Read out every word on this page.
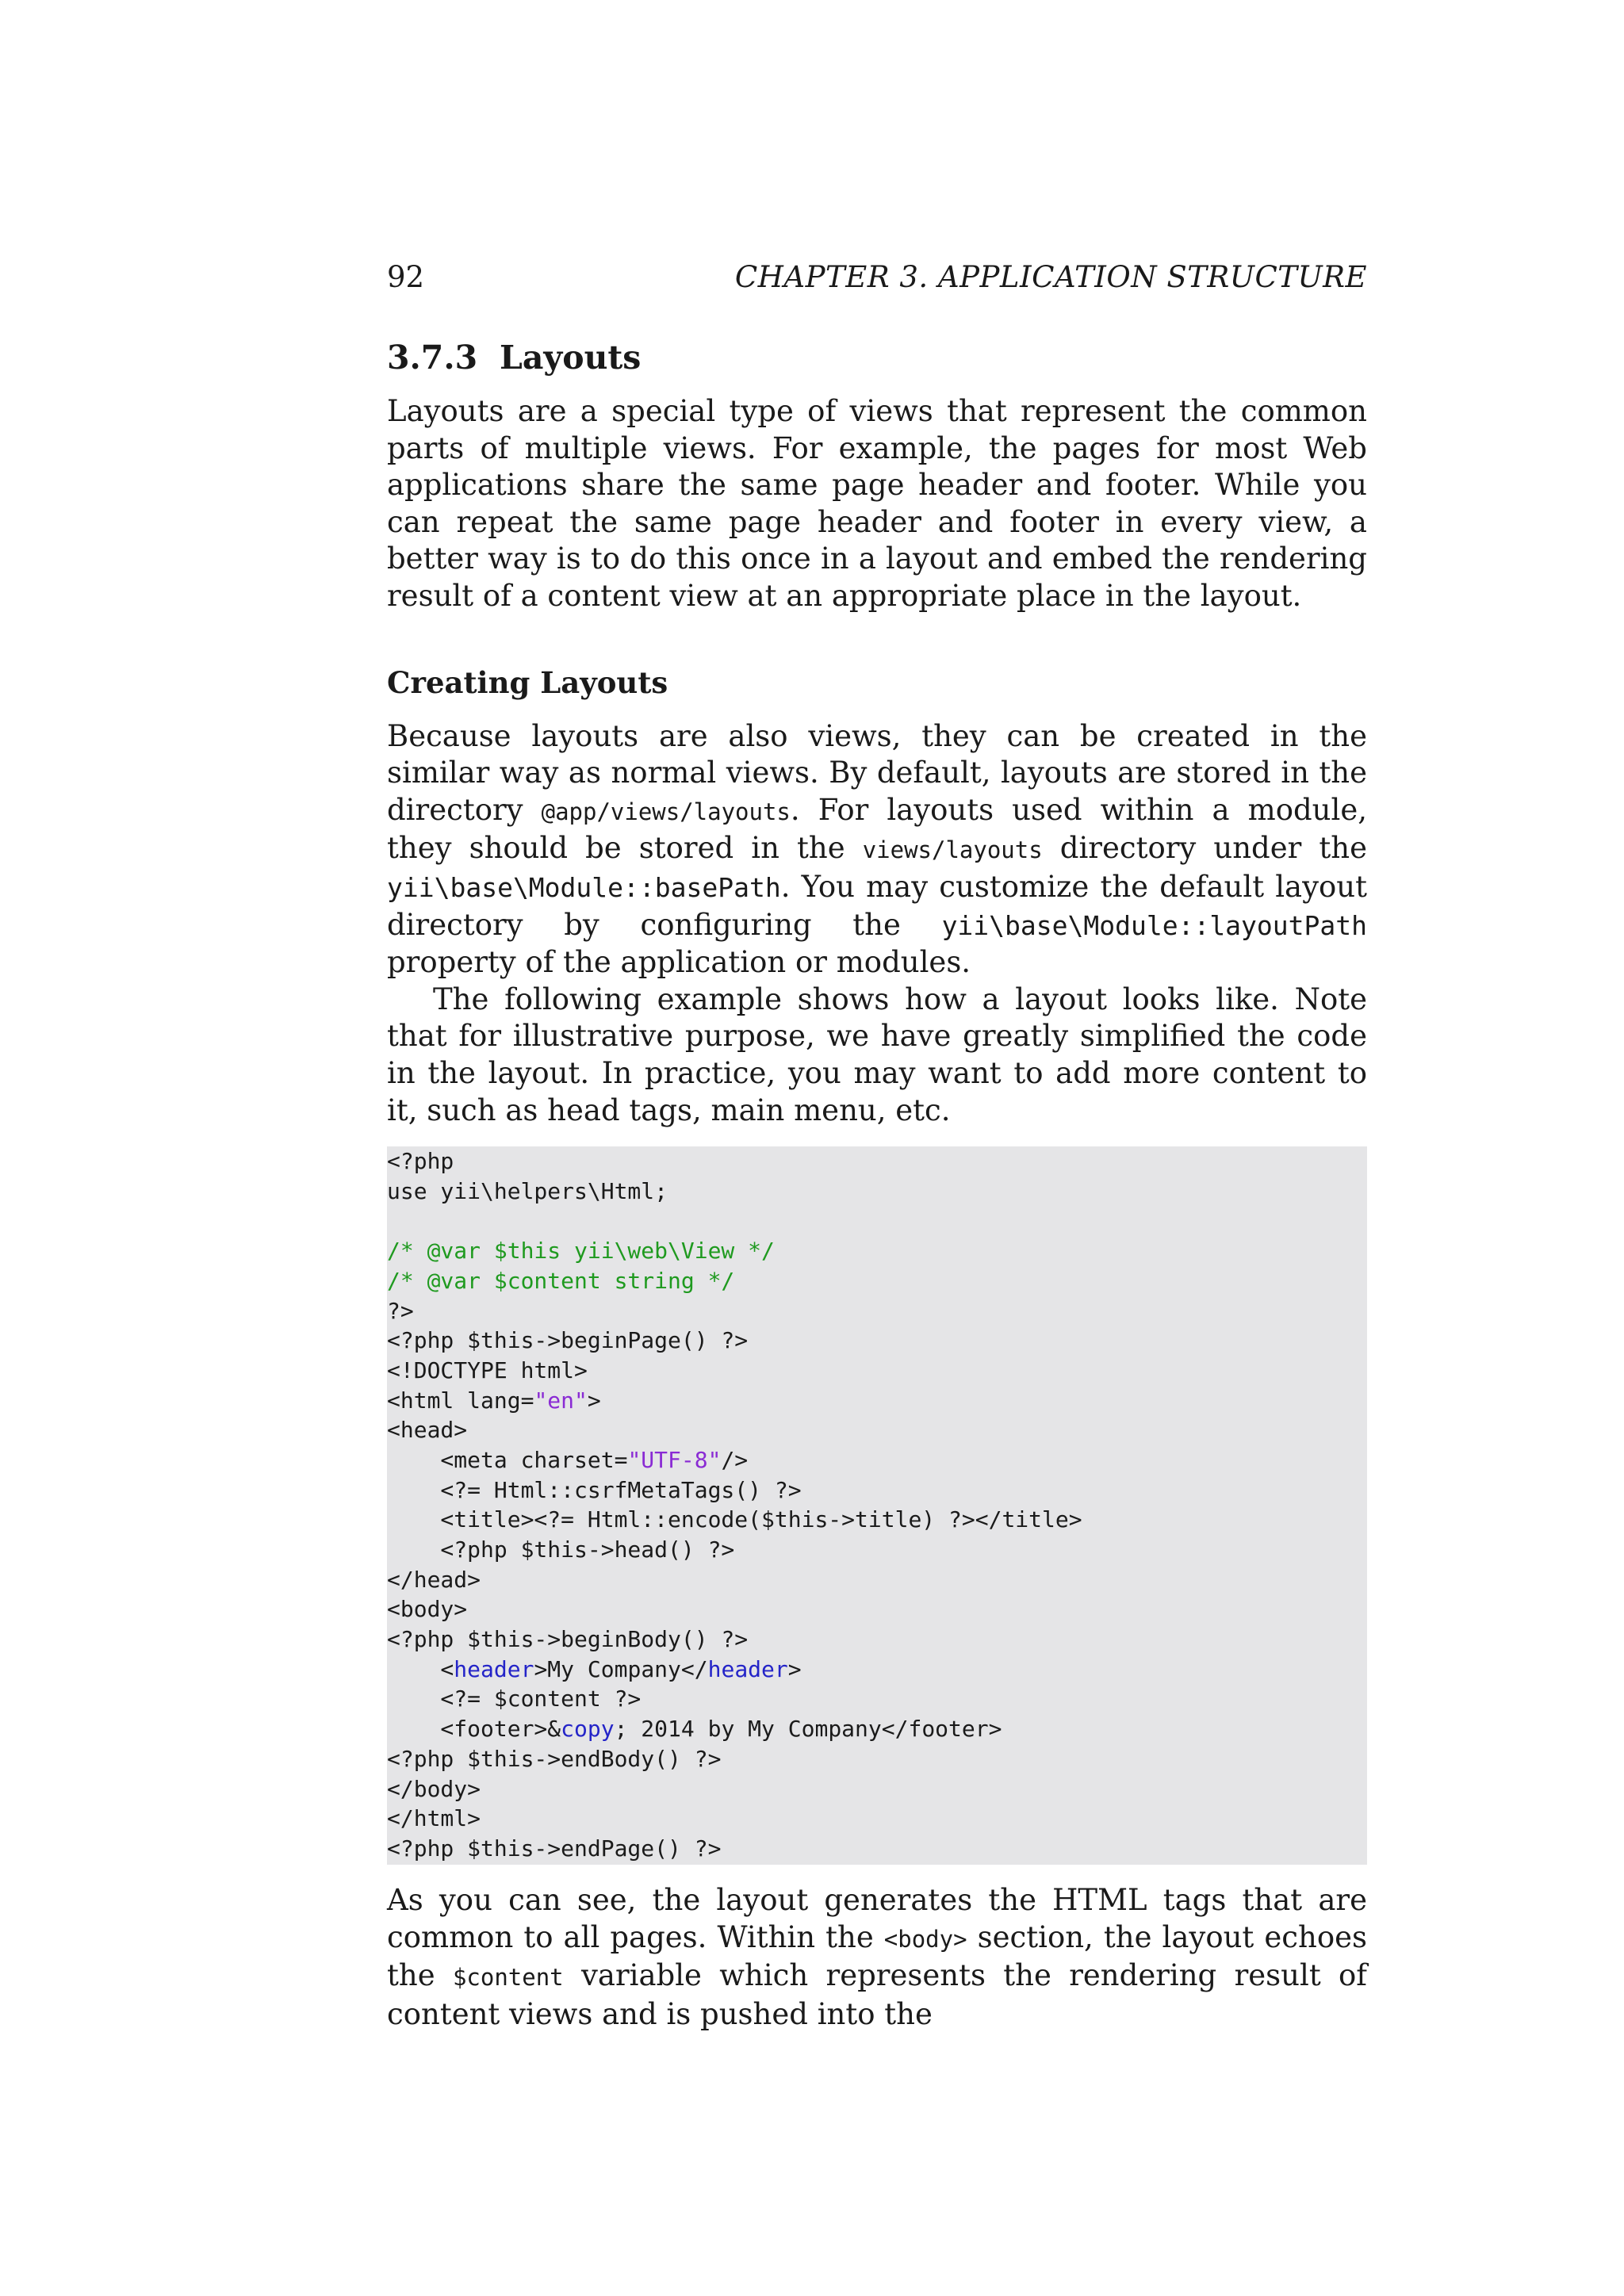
92	CHAPTER 3. APPLICATION STRUCTURE
3.7.3 Layouts

Layouts are a special type of views that represent the common parts of multiple views. For example, the pages for most Web applications share the same page header and footer. While you can repeat the same page header and footer in every view, a better way is to do this once in a layout and embed the rendering result of a content view at an appropriate place in the layout.

Creating Layouts

Because layouts are also views, they can be created in the similar way as normal views. By default, layouts are stored in the directory @app/views/layouts. For layouts used within a module, they should be stored in the views/layouts directory under the yii\base\Module::basePath. You may customize the default layout directory by configuring the yii\base\Module::layoutPath property of the application or modules.

The following example shows how a layout looks like. Note that for illustrative purpose, we have greatly simplified the code in the layout. In practice, you may want to add more content to it, such as head tags, main menu, etc.

<?php
use yii\helpers\Html;
/* @var $this yii\web\View */
/* @var $content string */
?>
<?php $this->beginPage() ?>
<!DOCTYPE html>
<html lang="en">
<head>
<meta charset="UTF-8"/>
<?= Html::csrfMetaTags() ?>
<title><?= Html::encode($this->title) ?></title>
<?php $this->head() ?>
</head>
<body>
<?php $this->beginBody() ?>
<header>My Company</header>
<?= $content ?>
<footer>&copy; 2014 by My Company</footer>
<?php $this->endBody() ?>
</body>
</html>
<?php $this->endPage() ?>

As you can see, the layout generates the HTML tags that are common to all pages. Within the <body> section, the layout echoes the $content variable which represents the rendering result of content views and is pushed into the
